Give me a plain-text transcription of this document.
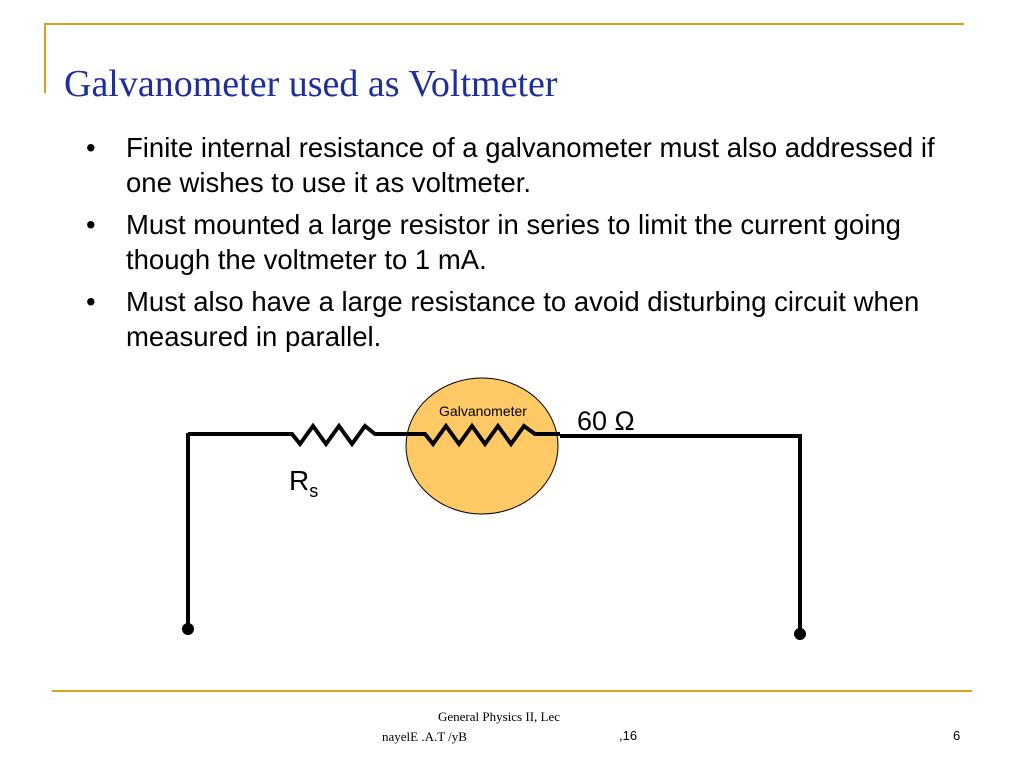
Galvanometer used as Voltmeter
• Finite internal resistance of a galvanometer must also addressed if one wishes to use it as voltmeter.
• Must mounted a large resistor in series to limit the current going though the voltmeter to 1 mA.
• Must also have a large resistance to avoid disturbing circuit when measured in parallel.
Galvanometer 60 Ω
$R_s$
General Physics II, Lec
nayelE .A.T /yB	,16	6
